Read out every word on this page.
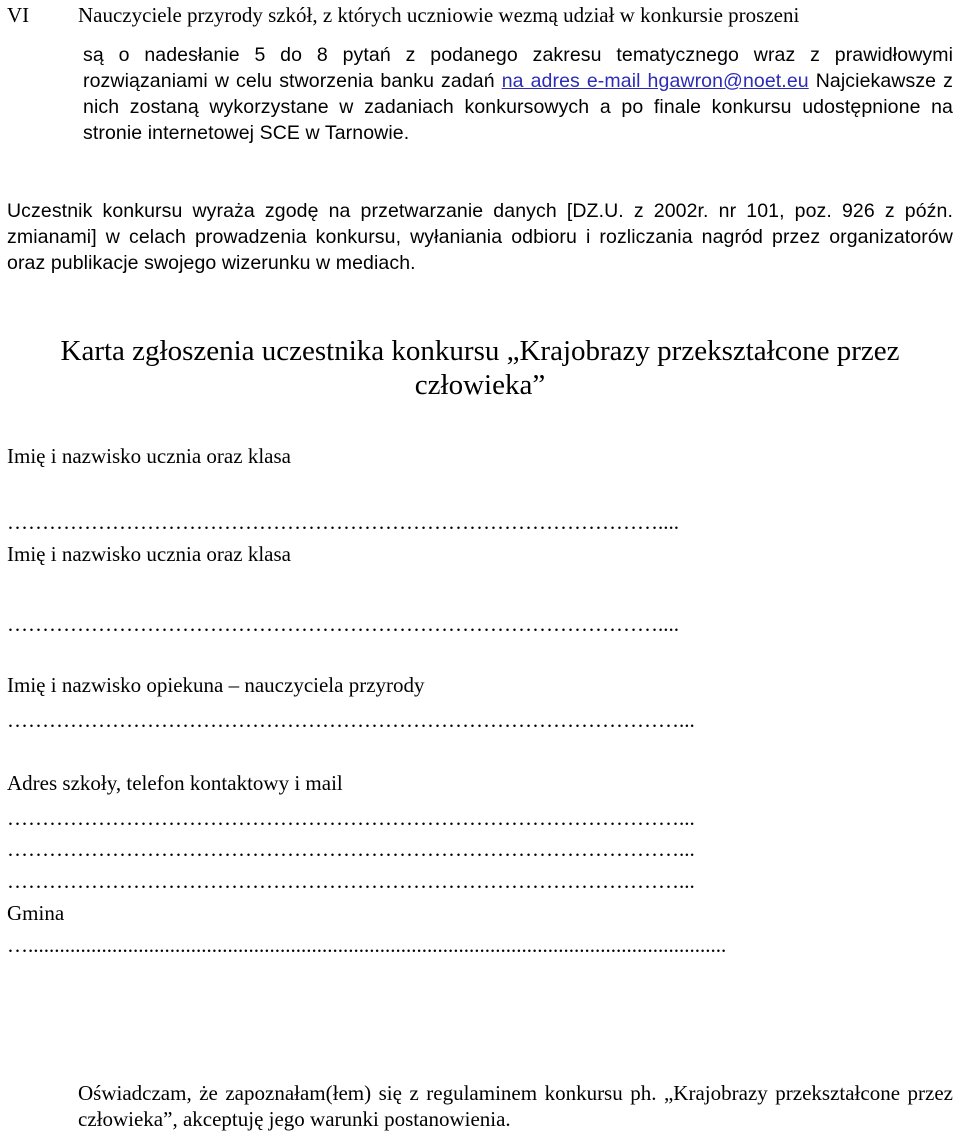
VI Nauczyciele przyrody szkół, z których uczniowie wezmą udział w konkursie proszeni

są o nadesłanie 5 do 8 pytań z podanego zakresu tematycznego wraz z prawidłowymi rozwiązaniami w celu stworzenia banku zadań na adres e-mail hgawron@noet.eu Najciekawsze z nich zostaną wykorzystane w zadaniach konkursowych a po finale konkursu udostępnione na stronie internetowej SCE w Tarnowie.

Uczestnik konkursu wyraża zgodę na przetwarzanie danych [DZ.U. z 2002r. nr 101, poz. 926 z późn. zmianami] w celach prowadzenia konkursu, wyłaniania odbioru i rozliczania nagród przez organizatorów oraz publikacje swojego wizerunku w mediach.

Karta zgłoszenia uczestnika konkursu „Krajobrazy przekształcone przez człowieka”
Imię i nazwisko ucznia oraz klasa
…………………………………………………………………………………....
Imię i nazwisko ucznia oraz klasa
…………………………………………………………………………………....
Imię i nazwisko opiekuna – nauczyciela przyrody
……………………………………………………………………………………...
Adres szkoły, telefon kontaktowy i mail
……………………………………………………………………………………...
……………………………………………………………………………………...
……………………………………………………………………………………...
Gmina
….....................................................................................................................................

Oświadczam, że zapoznałam(łem) się z regulaminem konkursu ph. „Krajobrazy przekształcone przez człowieka”, akceptuję jego warunki postanowienia.
